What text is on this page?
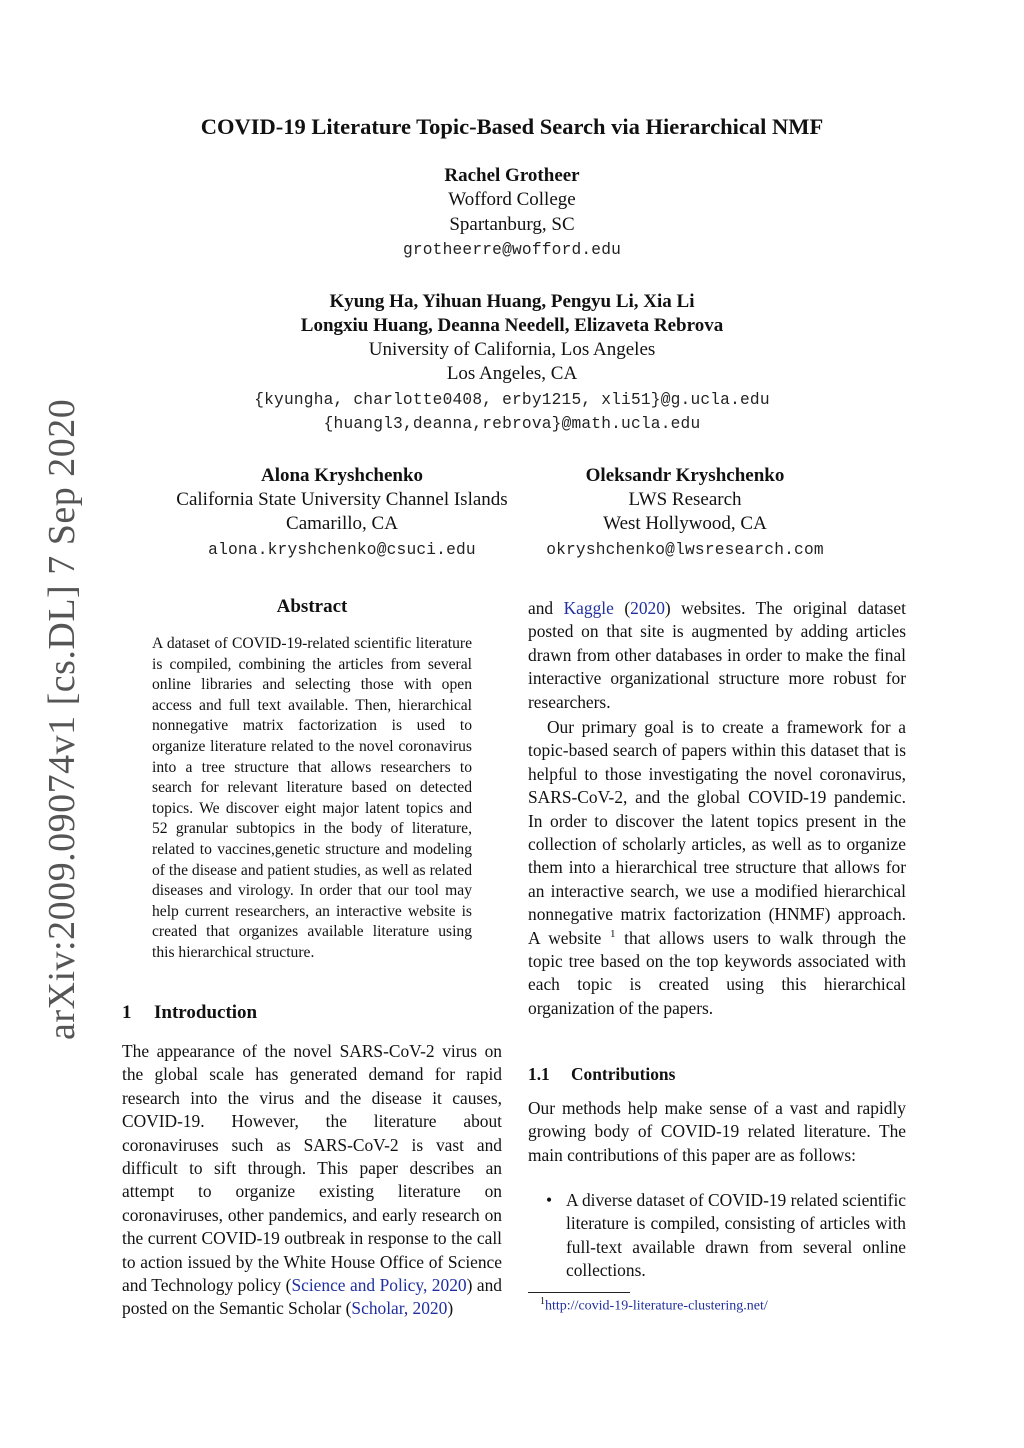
arXiv:2009.09074v1 [cs.DL] 7 Sep 2020
COVID-19 Literature Topic-Based Search via Hierarchical NMF
Rachel Grotheer
Wofford College
Spartanburg, SC
grotheerre@wofford.edu
Kyung Ha, Yihuan Huang, Pengyu Li, Xia Li
Longxiu Huang, Deanna Needell, Elizaveta Rebrova
University of California, Los Angeles
Los Angeles, CA
{kyungha, charlotte0408, erby1215, xli51}@g.ucla.edu
{huangl3,deanna,rebrova}@math.ucla.edu
Alona Kryshchenko
California State University Channel Islands
Camarillo, CA
alona.kryshchenko@csuci.edu
Oleksandr Kryshchenko
LWS Research
West Hollywood, CA
okryshchenko@lwsresearch.com
Abstract
A dataset of COVID-19-related scientific literature is compiled, combining the articles from several online libraries and selecting those with open access and full text available. Then, hierarchical nonnegative matrix factorization is used to organize literature related to the novel coronavirus into a tree structure that allows researchers to search for relevant literature based on detected topics. We discover eight major latent topics and 52 granular subtopics in the body of literature, related to vaccines,genetic structure and modeling of the disease and patient studies, as well as related diseases and virology. In order that our tool may help current researchers, an interactive website is created that organizes available literature using this hierarchical structure.
1 Introduction
The appearance of the novel SARS-CoV-2 virus on the global scale has generated demand for rapid research into the virus and the disease it causes, COVID-19. However, the literature about coronaviruses such as SARS-CoV-2 is vast and difficult to sift through. This paper describes an attempt to organize existing literature on coronaviruses, other pandemics, and early research on the current COVID-19 outbreak in response to the call to action issued by the White House Office of Science and Technology policy (Science and Policy, 2020) and posted on the Semantic Scholar (Scholar, 2020)
and Kaggle (2020) websites. The original dataset posted on that site is augmented by adding articles drawn from other databases in order to make the final interactive organizational structure more robust for researchers.
Our primary goal is to create a framework for a topic-based search of papers within this dataset that is helpful to those investigating the novel coronavirus, SARS-CoV-2, and the global COVID-19 pandemic. In order to discover the latent topics present in the collection of scholarly articles, as well as to organize them into a hierarchical tree structure that allows for an interactive search, we use a modified hierarchical nonnegative matrix factorization (HNMF) approach. A website $^1$ that allows users to walk through the topic tree based on the top keywords associated with each topic is created using this hierarchical organization of the papers.
1.1 Contributions
Our methods help make sense of a vast and rapidly growing body of COVID-19 related literature. The main contributions of this paper are as follows:
• A diverse dataset of COVID-19 related scientific literature is compiled, consisting of articles with full-text available drawn from several online collections.
$^1$http://covid-19-literature-clustering.net/
